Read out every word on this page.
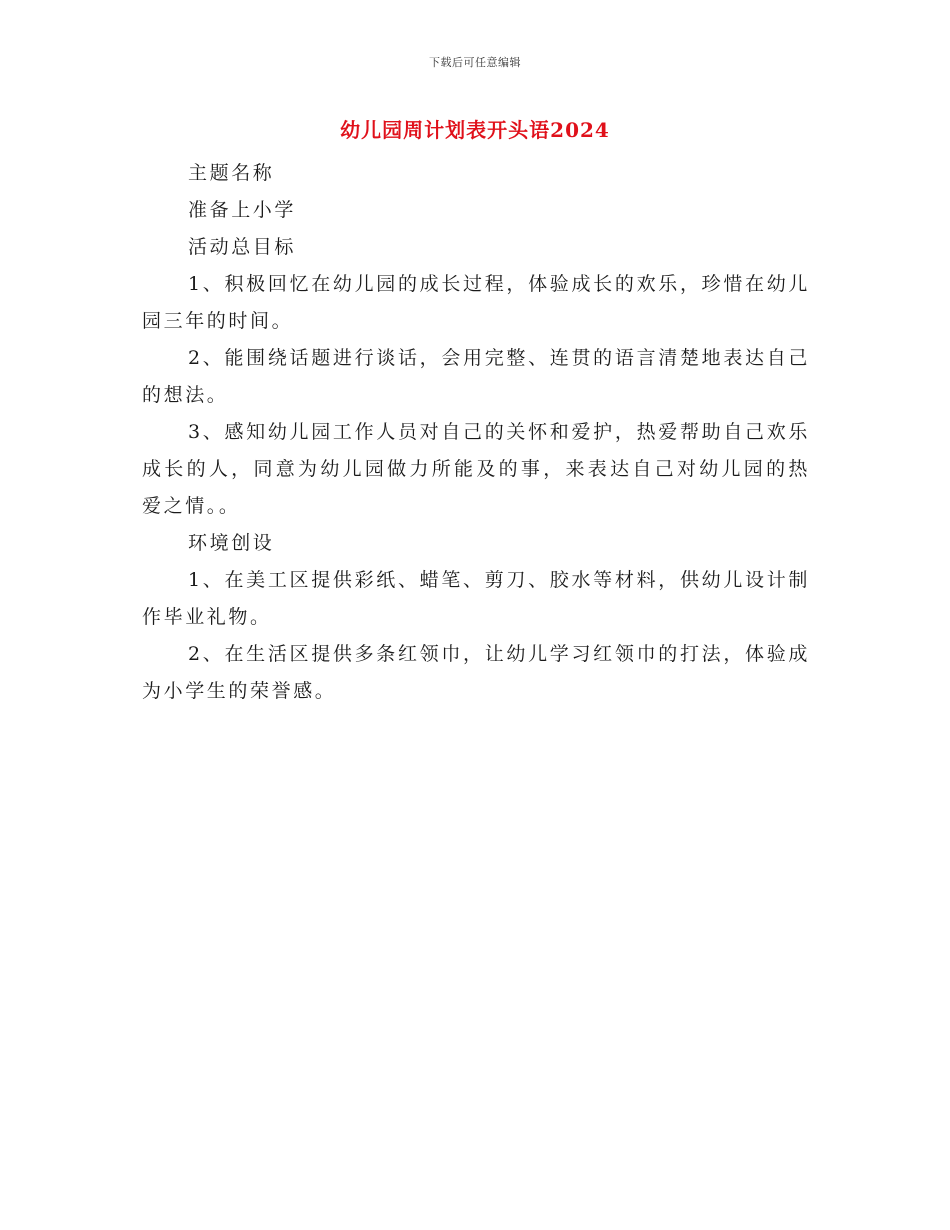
下载后可任意编辑
幼儿园周计划表开头语2024

主题名称

准备上小学

活动总目标

1、积极回忆在幼儿园的成长过程，体验成长的欢乐，珍惜在幼儿园三年的时间。

2、能围绕话题进行谈话，会用完整、连贯的语言清楚地表达自己的想法。

3、感知幼儿园工作人员对自己的关怀和爱护，热爱帮助自己欢乐成长的人，同意为幼儿园做力所能及的事，来表达自己对幼儿园的热爱之情。。

环境创设

1、在美工区提供彩纸、蜡笔、剪刀、胶水等材料，供幼儿设计制作毕业礼物。

2、在生活区提供多条红领巾，让幼儿学习红领巾的打法，体验成为小学生的荣誉感。
